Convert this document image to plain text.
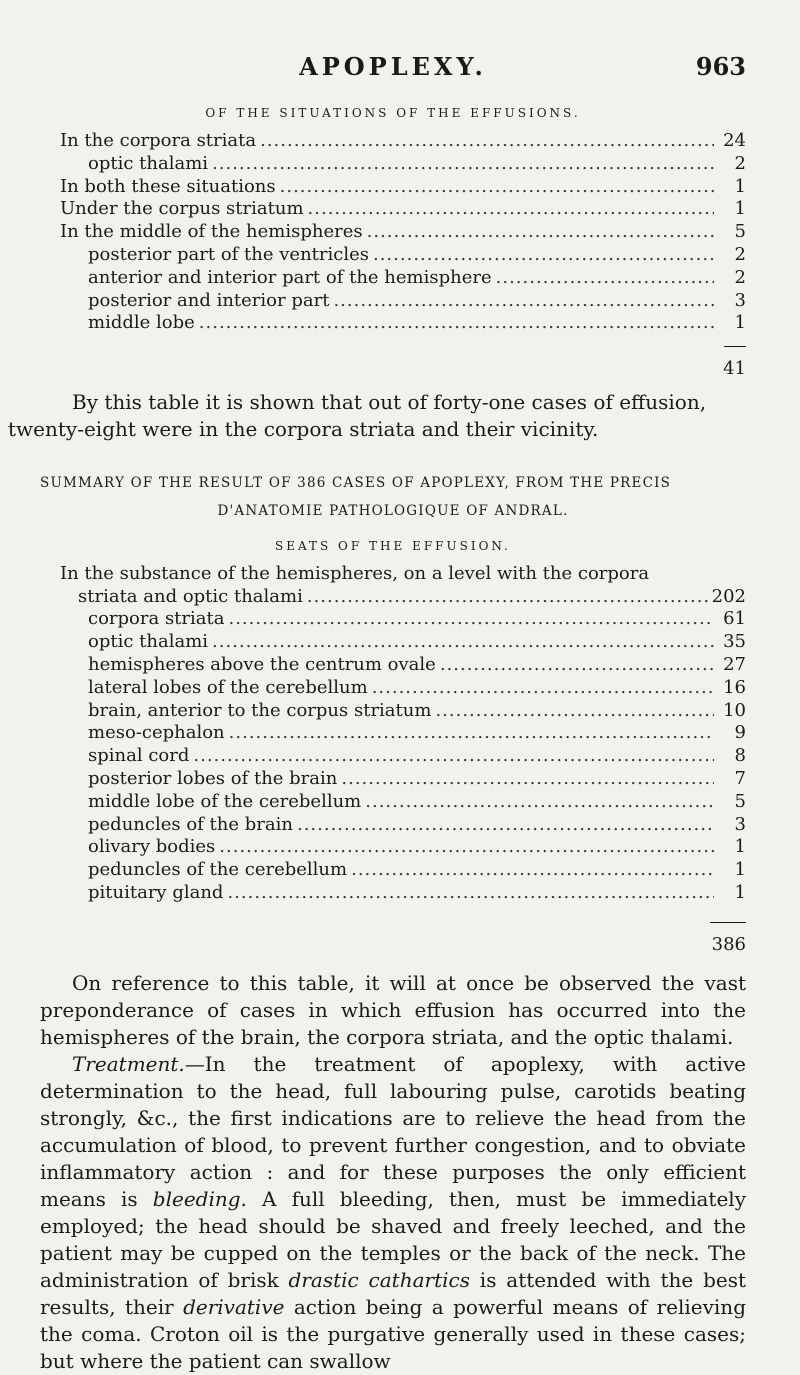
APOPLEXY.	963
OF THE SITUATIONS OF THE EFFUSIONS.
In the corpora striata .....	24
optic thalami .....	2
In both these situations .....	1
Under the corpus striatum .....	1
In the middle of the hemispheres .....	5
posterior part of the ventricles .....	2
anterior and interior part of the hemisphere .....	2
posterior and interior part .....	3
middle lobe .....	1
41

By this table it is shown that out of forty-one cases of effusion,
twenty-eight were in the corpora striata and their vicinity.

SUMMARY OF THE RESULT OF 386 CASES OF APOPLEXY, FROM THE PRECIS
D'ANATOMIE PATHOLOGIQUE OF ANDRAL.
SEATS OF THE EFFUSION.
In the substance of the hemispheres, on a level with the corpora
striata and optic thalami .....	202
corpora striata .....	61
optic thalami .....	35
hemispheres above the centrum ovale .....	27
lateral lobes of the cerebellum .....	16
brain, anterior to the corpus striatum .....	10
meso-cephalon .....	9
spinal cord .....	8
posterior lobes of the brain .....	7
middle lobe of the cerebellum .....	5
peduncles of the brain .....	3
olivary bodies .....	1
peduncles of the cerebellum .....	1
pituitary gland .....	1
386

On reference to this table, it will at once be observed the vast preponderance of cases in which effusion has occurred into the hemispheres of the brain, the corpora striata, and the optic thalami.

Treatment.—In the treatment of apoplexy, with active determination to the head, full labouring pulse, carotids beating strongly, &c., the first indications are to relieve the head from the accumulation of blood, to prevent further congestion, and to obviate inflammatory action : and for these purposes the only efficient means is bleeding. A full bleeding, then, must be immediately employed; the head should be shaved and freely leeched, and the patient may be cupped on the temples or the back of the neck. The administration of brisk drastic cathartics is attended with the best results, their derivative action being a powerful means of relieving the coma. Croton oil is the purgative generally used in these cases; but where the patient can swallow
